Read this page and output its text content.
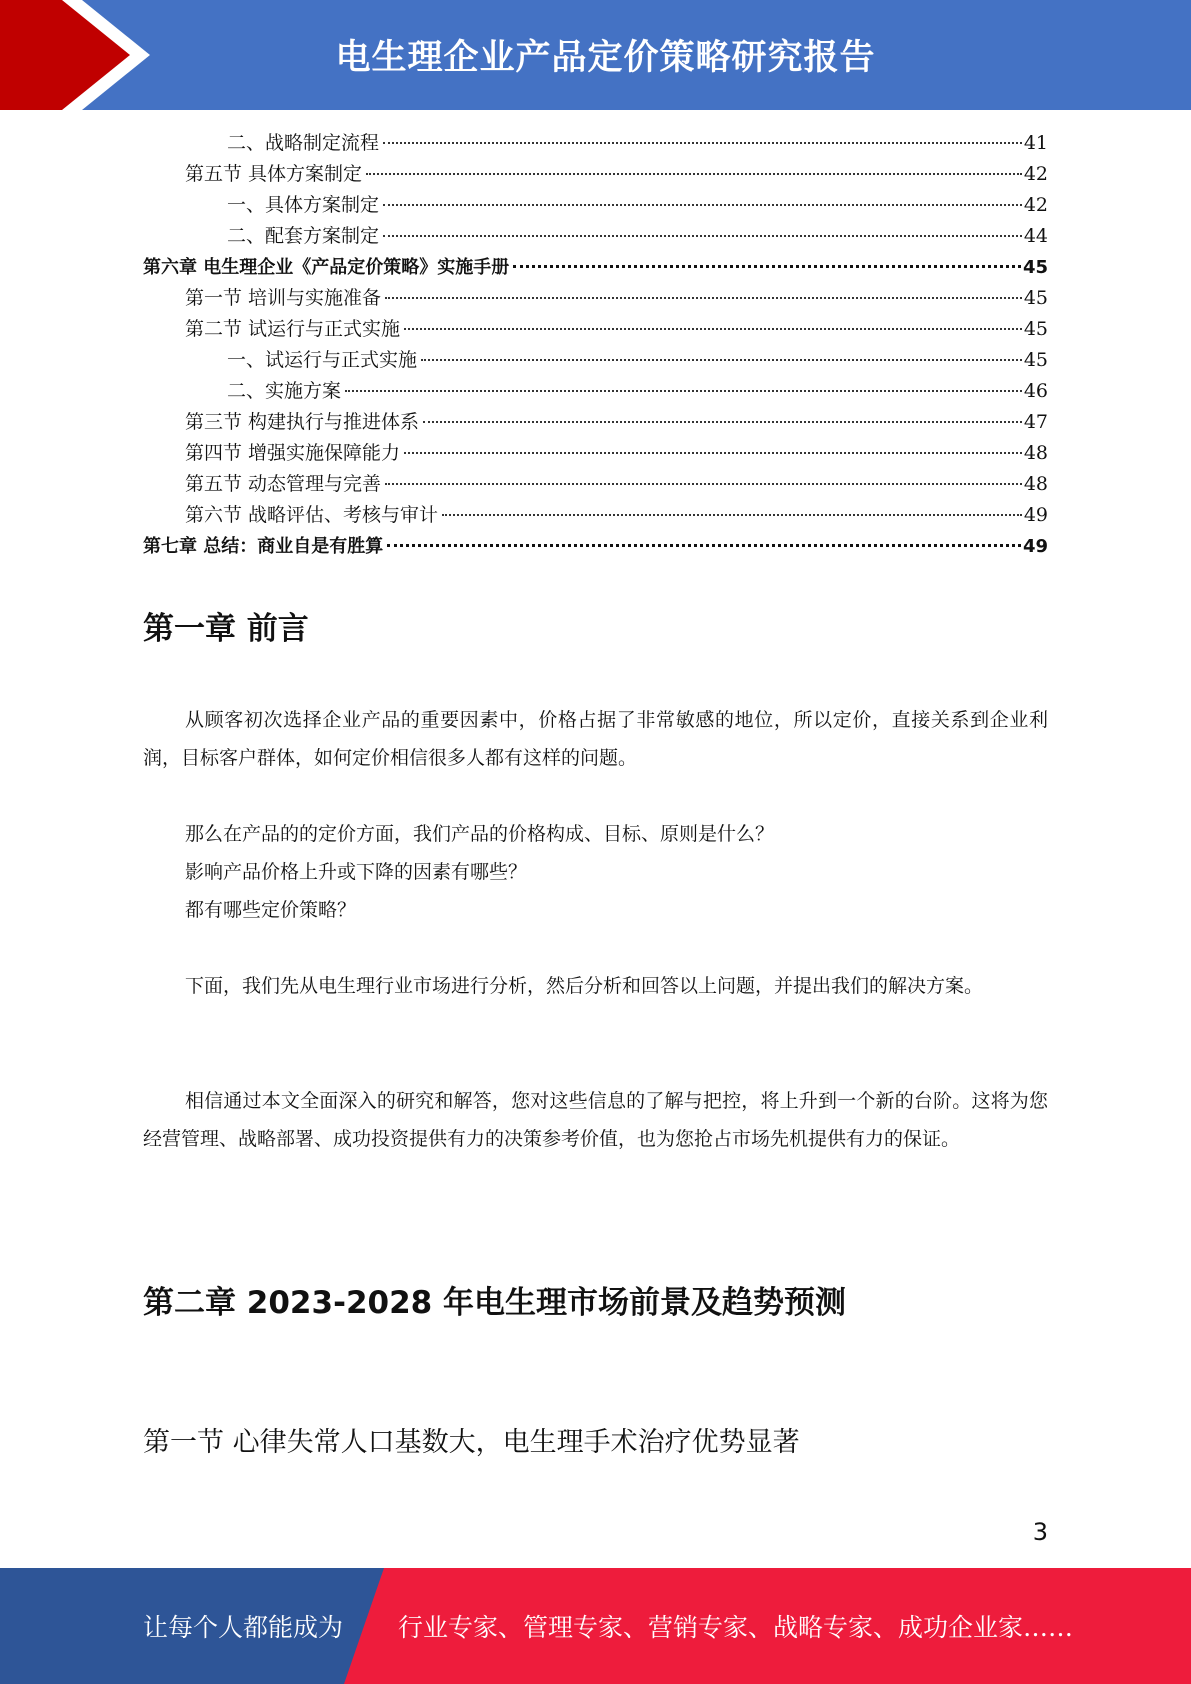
电生理企业产品定价策略研究报告
二、战略制定流程	41
第五节 具体方案制定	42
一、具体方案制定	42
二、配套方案制定	44
第六章 电生理企业《产品定价策略》实施手册	45
第一节 培训与实施准备	45
第二节 试运行与正式实施	45
一、试运行与正式实施	45
二、实施方案	46
第三节 构建执行与推进体系	47
第四节 增强实施保障能力	48
第五节 动态管理与完善	48
第六节 战略评估、考核与审计	49
第七章 总结：商业自是有胜算	49
第一章 前言

从顾客初次选择企业产品的重要因素中，价格占据了非常敏感的地位，所以定价，直接关系到企业利润，目标客户群体，如何定价相信很多人都有这样的问题。

那么在产品的的定价方面，我们产品的价格构成、目标、原则是什么？
影响产品价格上升或下降的因素有哪些？
都有哪些定价策略？

下面，我们先从电生理行业市场进行分析，然后分析和回答以上问题，并提出我们的解决方案。

相信通过本文全面深入的研究和解答，您对这些信息的了解与把控，将上升到一个新的台阶。这将为您经营管理、战略部署、成功投资提供有力的决策参考价值，也为您抢占市场先机提供有力的保证。

第二章 2023-2028 年电生理市场前景及趋势预测
第一节 心律失常人口基数大，电生理手术治疗优势显著
3
让每个人都能成为 行业专家、管理专家、营销专家、战略专家、成功企业家……
